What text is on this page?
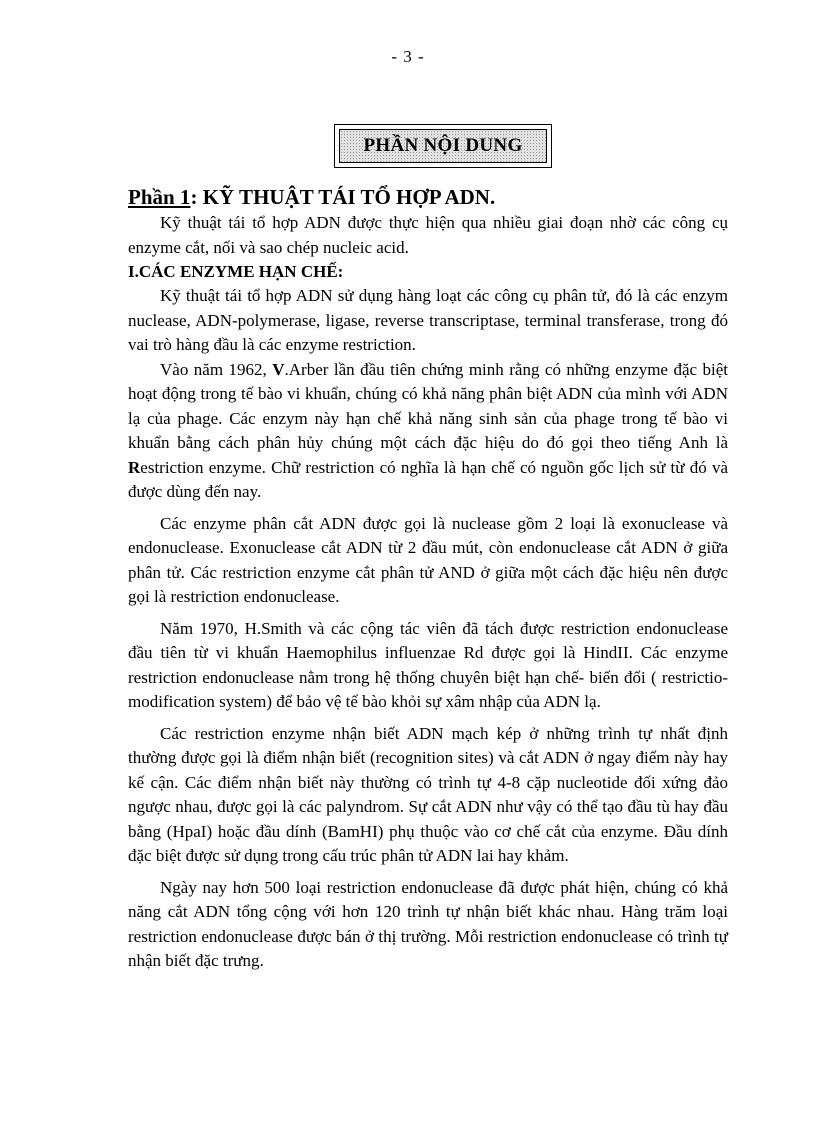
- 3 -
PHẦN NỘI DUNG
Phần 1: KỸ THUẬT TÁI TỔ HỢP ADN.

Kỹ thuật tái tổ hợp ADN được thực hiện qua nhiều giai đoạn nhờ các công cụ enzyme cắt, nối và sao chép nucleic acid.

I.CÁC ENZYME HẠN CHẾ:

Kỹ thuật tái tổ hợp ADN sử dụng hàng loạt các công cụ phân tử, đó là các enzym nuclease, ADN-polymerase, ligase, reverse transcriptase, terminal transferase, trong đó vai trò hàng đầu là các enzyme restriction.

Vào năm 1962, V.Arber lần đầu tiên chứng minh rằng có những enzyme đặc biệt hoạt động trong tế bào vi khuẩn, chúng có khả năng phân biệt ADN của mình với ADN lạ của phage. Các enzym này hạn chế khả năng sinh sản của phage trong tế bào vi khuẩn bằng cách phân hủy chúng một cách đặc hiệu do đó gọi theo tiếng Anh là Restriction enzyme. Chữ restriction có nghĩa là hạn chế có nguồn gốc lịch sử từ đó và được dùng đến nay.

Các enzyme phân cắt ADN được gọi là nuclease gồm 2 loại là exonuclease và endonuclease. Exonuclease cắt ADN từ 2 đầu mút, còn endonuclease cắt ADN ở giữa phân tử. Các restriction enzyme cắt phân tử AND ở giữa một cách đặc hiệu nên được gọi là restriction endonuclease.

Năm 1970, H.Smith và các cộng tác viên đã tách được restriction endonuclease đầu tiên từ vi khuẩn Haemophilus influenzae Rd được gọi là HindII. Các enzyme restriction endonuclease nằm trong hệ thống chuyên biệt hạn chế- biến đổi ( restrictio-modification system) để bảo vệ tế bào khỏi sự xâm nhập của ADN lạ.

Các restriction enzyme nhận biết ADN mạch kép ở những trình tự nhất định thường được gọi là điểm nhận biết (recognition sites) và cắt ADN ở ngay điểm này hay kế cận. Các điểm nhận biết này thường có trình tự 4-8 cặp nucleotide đối xứng đảo ngược nhau, được gọi là các palyndrom. Sự cắt ADN như vậy có thể tạo đầu tù hay đầu bằng (HpaI) hoặc đầu dính (BamHI) phụ thuộc vào cơ chế cắt của enzyme. Đầu dính đặc biệt được sử dụng trong cấu trúc phân tử ADN lai hay khảm.

Ngày nay hơn 500 loại restriction endonuclease đã được phát hiện, chúng có khả năng cắt ADN tổng cộng với hơn 120 trình tự nhận biết khác nhau. Hàng trăm loại restriction endonuclease được bán ở thị trường. Mỗi restriction endonuclease có trình tự nhận biết đặc trưng.
